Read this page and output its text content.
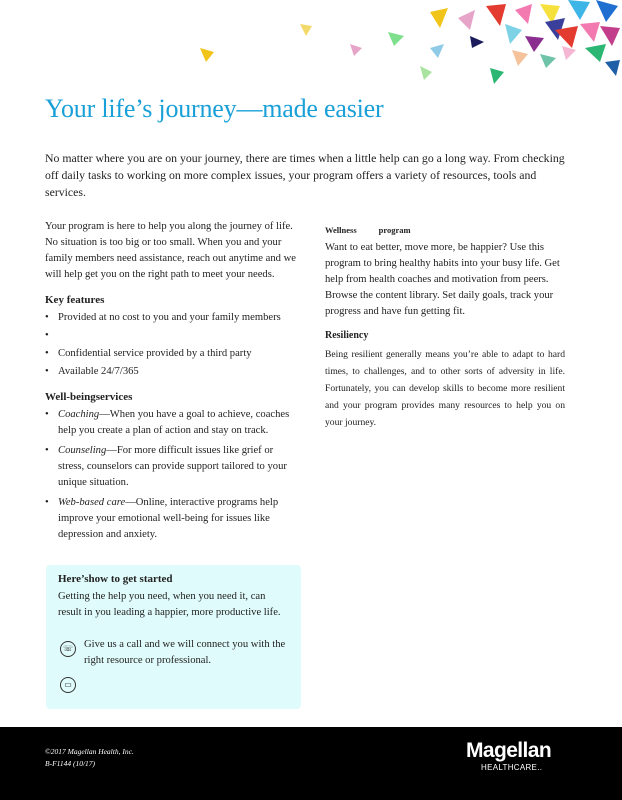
Your life’s journey—made easier

No matter where you are on your journey, there are times when a little help can go a long way. From checking off daily tasks to working on more complex issues, your program offers a variety of resources, tools and services.

Your program is here to help you along the journey of life. No situation is too big or too small. When you and your family members need assistance, reach out anytime and we will help get you on the right path to meet your needs.

Key features
• Provided at no cost to you and your family members
•
• Confidential service provided by a third party
• Available 24/7/365
Well-beingservices
• Coaching—When you have a goal to achieve, coaches help you create a plan of action and stay on track.
• Counseling—For more difficult issues like grief or stress, counselors can provide support tailored to your unique situation.
• Web-based care—Online, interactive programs help improve your emotional well-being for issues like depression and anxiety.
Wellness	program

Want to eat better, move more, be happier? Use this program to bring healthy habits into your busy life. Get help from health coaches and motivation from peers. Browse the content library. Set daily goals, track your progress and have fun getting fit.

Resiliency

Being resilient generally means you’re able to adapt to hard times, to challenges, and to other sorts of adversity in life. Fortunately, you can develop skills to become more resilient and your program provides many resources to help you on your journey.

Here’show to get started

Getting the help you need, when you need it, can result in you leading a happier, more productive life.

☏ Give us a call and we will connect you with the right resource or professional.

▭
©2017 Magellan Health, Inc.
B-F1144 (10/17)
Magellan
HEALTHCARE..
